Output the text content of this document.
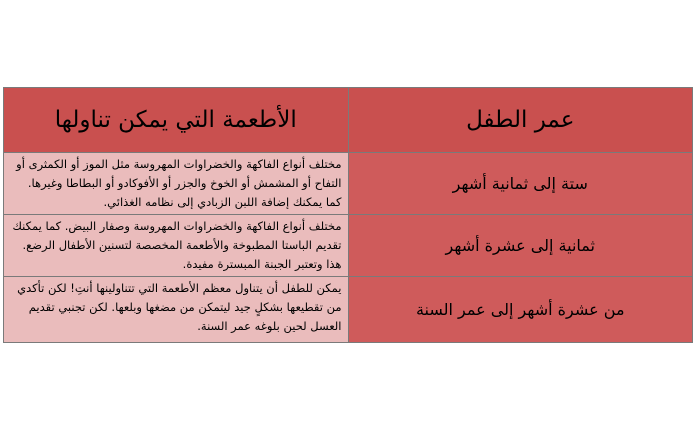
عمر الطفل	الأطعمة التي يمكن تناولها
ستة إلى ثمانية أشهر	مختلف أنواع الفاكهة والخضراوات المهروسة مثل الموز أو الكمثرى أو التفاح أو المشمش أو الخوخ والجزر أو الأفوكادو أو البطاطا وغيرها. كما يمكنك إضافة اللبن الزبادي إلى نظامه الغذائي.
ثمانية إلى عشرة أشهر	مختلف أنواع الفاكهة والخضراوات المهروسة وصفار البيض. كما يمكنك تقديم الباستا المطبوخة والأطعمة المخصصة لتسنين الأطفال الرضع. هذا وتعتبر الجبنة المبسترة مفيدة.
من عشرة أشهر إلى عمر السنة	يمكن للطفل أن يتناول معظم الأطعمة التي تتناولينها أنتِ! لكن تأكدي من تقطيعها بشكلٍ جيد ليتمكن من مضغها وبلعها. لكن تجنبي تقديم العسل لحين بلوغه عمر السنة.
